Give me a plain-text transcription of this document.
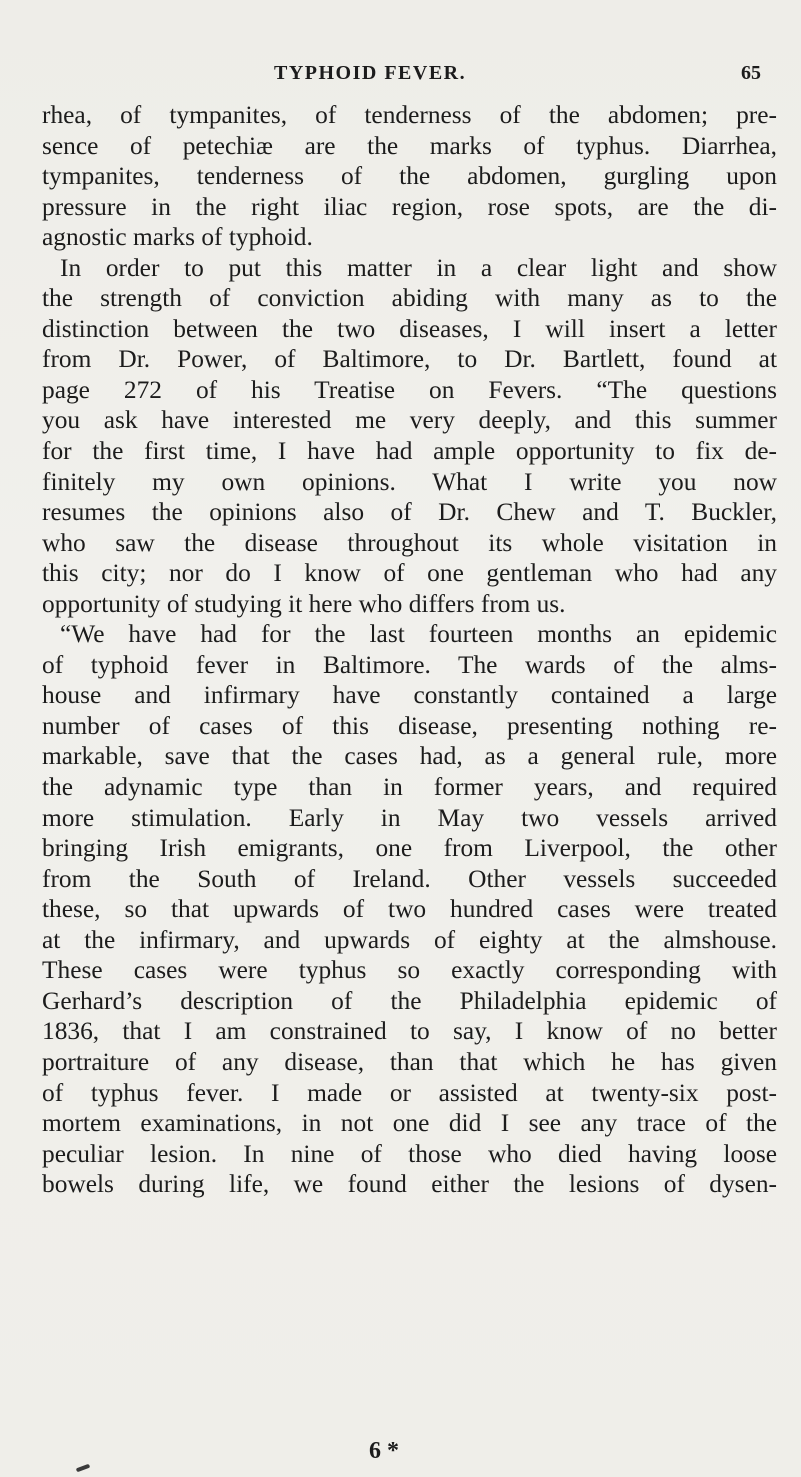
TYPHOID FEVER.	65
rhea, of tympanites, of tenderness of the abdomen; pre-
sence of petechiæ are the marks of typhus. Diarrhea,
tympanites, tenderness of the abdomen, gurgling upon
pressure in the right iliac region, rose spots, are the di-
agnostic marks of typhoid.
In order to put this matter in a clear light and show
the strength of conviction abiding with many as to the
distinction between the two diseases, I will insert a letter
from Dr. Power, of Baltimore, to Dr. Bartlett, found at
page 272 of his Treatise on Fevers. “The questions
you ask have interested me very deeply, and this summer
for the first time, I have had ample opportunity to fix de-
finitely my own opinions. What I write you now
resumes the opinions also of Dr. Chew and T. Buckler,
who saw the disease throughout its whole visitation in
this city; nor do I know of one gentleman who had any
opportunity of studying it here who differs from us.
“We have had for the last fourteen months an epidemic
of typhoid fever in Baltimore. The wards of the alms-
house and infirmary have constantly contained a large
number of cases of this disease, presenting nothing re-
markable, save that the cases had, as a general rule, more
the adynamic type than in former years, and required
more stimulation. Early in May two vessels arrived
bringing Irish emigrants, one from Liverpool, the other
from the South of Ireland. Other vessels succeeded
these, so that upwards of two hundred cases were treated
at the infirmary, and upwards of eighty at the almshouse.
These cases were typhus so exactly corresponding with
Gerhard’s description of the Philadelphia epidemic of
1836, that I am constrained to say, I know of no better
portraiture of any disease, than that which he has given
of typhus fever. I made or assisted at twenty-six post-
mortem examinations, in not one did I see any trace of the
peculiar lesion. In nine of those who died having loose
bowels during life, we found either the lesions of dysen-
6 *
